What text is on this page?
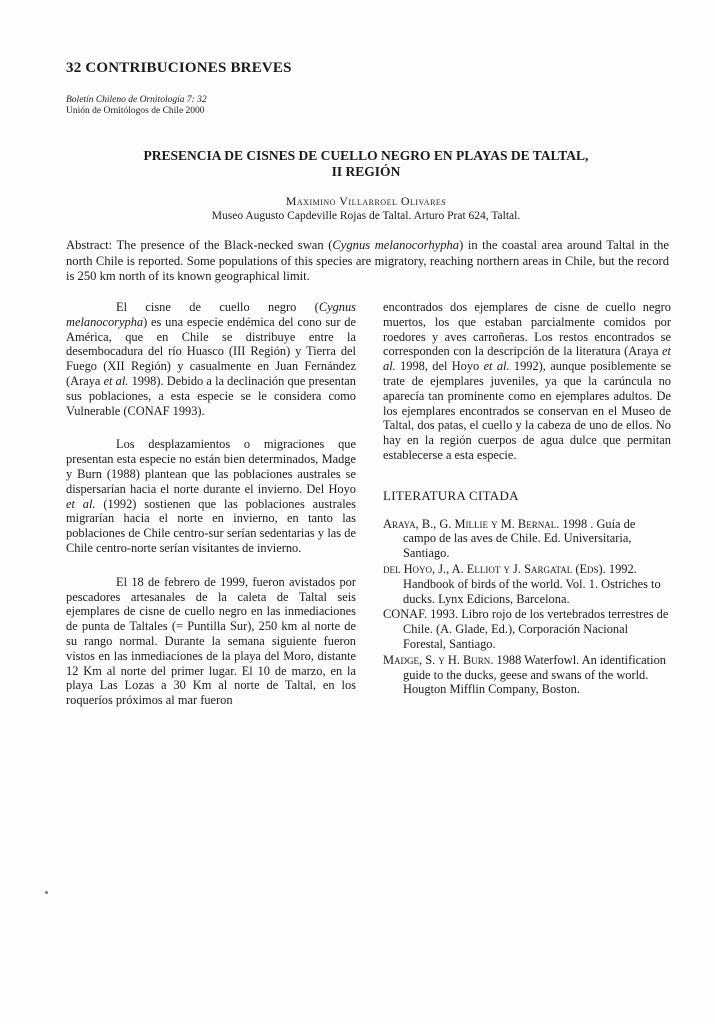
32 CONTRIBUCIONES BREVES
Boletín Chileno de Ornitología 7: 32
Unión de Ornitólogos de Chile 2000
PRESENCIA DE CISNES DE CUELLO NEGRO EN PLAYAS DE TALTAL,
II REGIÓN
Maximino Villarroel Olivares
Museo Augusto Capdeville Rojas de Taltal. Arturo Prat 624, Taltal.
Abstract: The presence of the Black-necked swan (Cygnus melanocorhypha) in the coastal area around Taltal in the north Chile is reported. Some populations of this species are migratory, reaching northern areas in Chile, but the record is 250 km north of its known geographical limit.

El cisne de cuello negro (Cygnus melanocorypha) es una especie endémica del cono sur de América, que en Chile se distribuye entre la desembocadura del río Huasco (III Región) y Tierra del Fuego (XII Región) y casualmente en Juan Fernández (Araya et al. 1998). Debido a la declinación que presentan sus poblaciones, a esta especie se le considera como Vulnerable (CONAF 1993).

Los desplazamientos o migraciones que presentan esta especie no están bien determinados, Madge y Burn (1988) plantean que las poblaciones australes se dispersarían hacia el norte durante el invierno. Del Hoyo et al. (1992) sostienen que las poblaciones australes migrarían hacia el norte en invierno, en tanto las poblaciones de Chile centro-sur serían sedentarias y las de Chile centro-norte serían visitantes de invierno.

El 18 de febrero de 1999, fueron avistados por pescadores artesanales de la caleta de Taltal seis ejemplares de cisne de cuello negro en las inmediaciones de punta de Taltales (= Puntilla Sur), 250 km al norte de su rango normal. Durante la semana siguiente fueron vistos en las inmediaciones de la playa del Moro, distante 12 Km al norte del primer lugar. El 10 de marzo, en la playa Las Lozas a 30 Km al norte de Taltal, en los roqueríos próximos al mar fueron

encontrados dos ejemplares de cisne de cuello negro muertos, los que estaban parcialmente comidos por roedores y aves carroñeras. Los restos encontrados se corresponden con la descripción de la literatura (Araya et al. 1998, del Hoyo et al. 1992), aunque posiblemente se trate de ejemplares juveniles, ya que la carúncula no aparecía tan prominente como en ejemplares adultos. De los ejemplares encontrados se conservan en el Museo de Taltal, dos patas, el cuello y la cabeza de uno de ellos. No hay en la región cuerpos de agua dulce que permitan establecerse a esta especie.

LITERATURA CITADA
Araya, B., G. Millie y M. Bernal. 1998 . Guía de campo de las aves de Chile. Ed. Universitaria, Santiago.
del Hoyo, J., A. Elliot y J. Sargatal (Eds). 1992. Handbook of birds of the world. Vol. 1. Ostriches to ducks. Lynx Edicions, Barcelona.
CONAF. 1993. Libro rojo de los vertebrados terrestres de Chile. (A. Glade, Ed.), Corporación Nacional Forestal, Santiago.
Madge, S. y H. Burn. 1988 Waterfowl. An identification guide to the ducks, geese and swans of the world. Hougton Mifflin Company, Boston.
